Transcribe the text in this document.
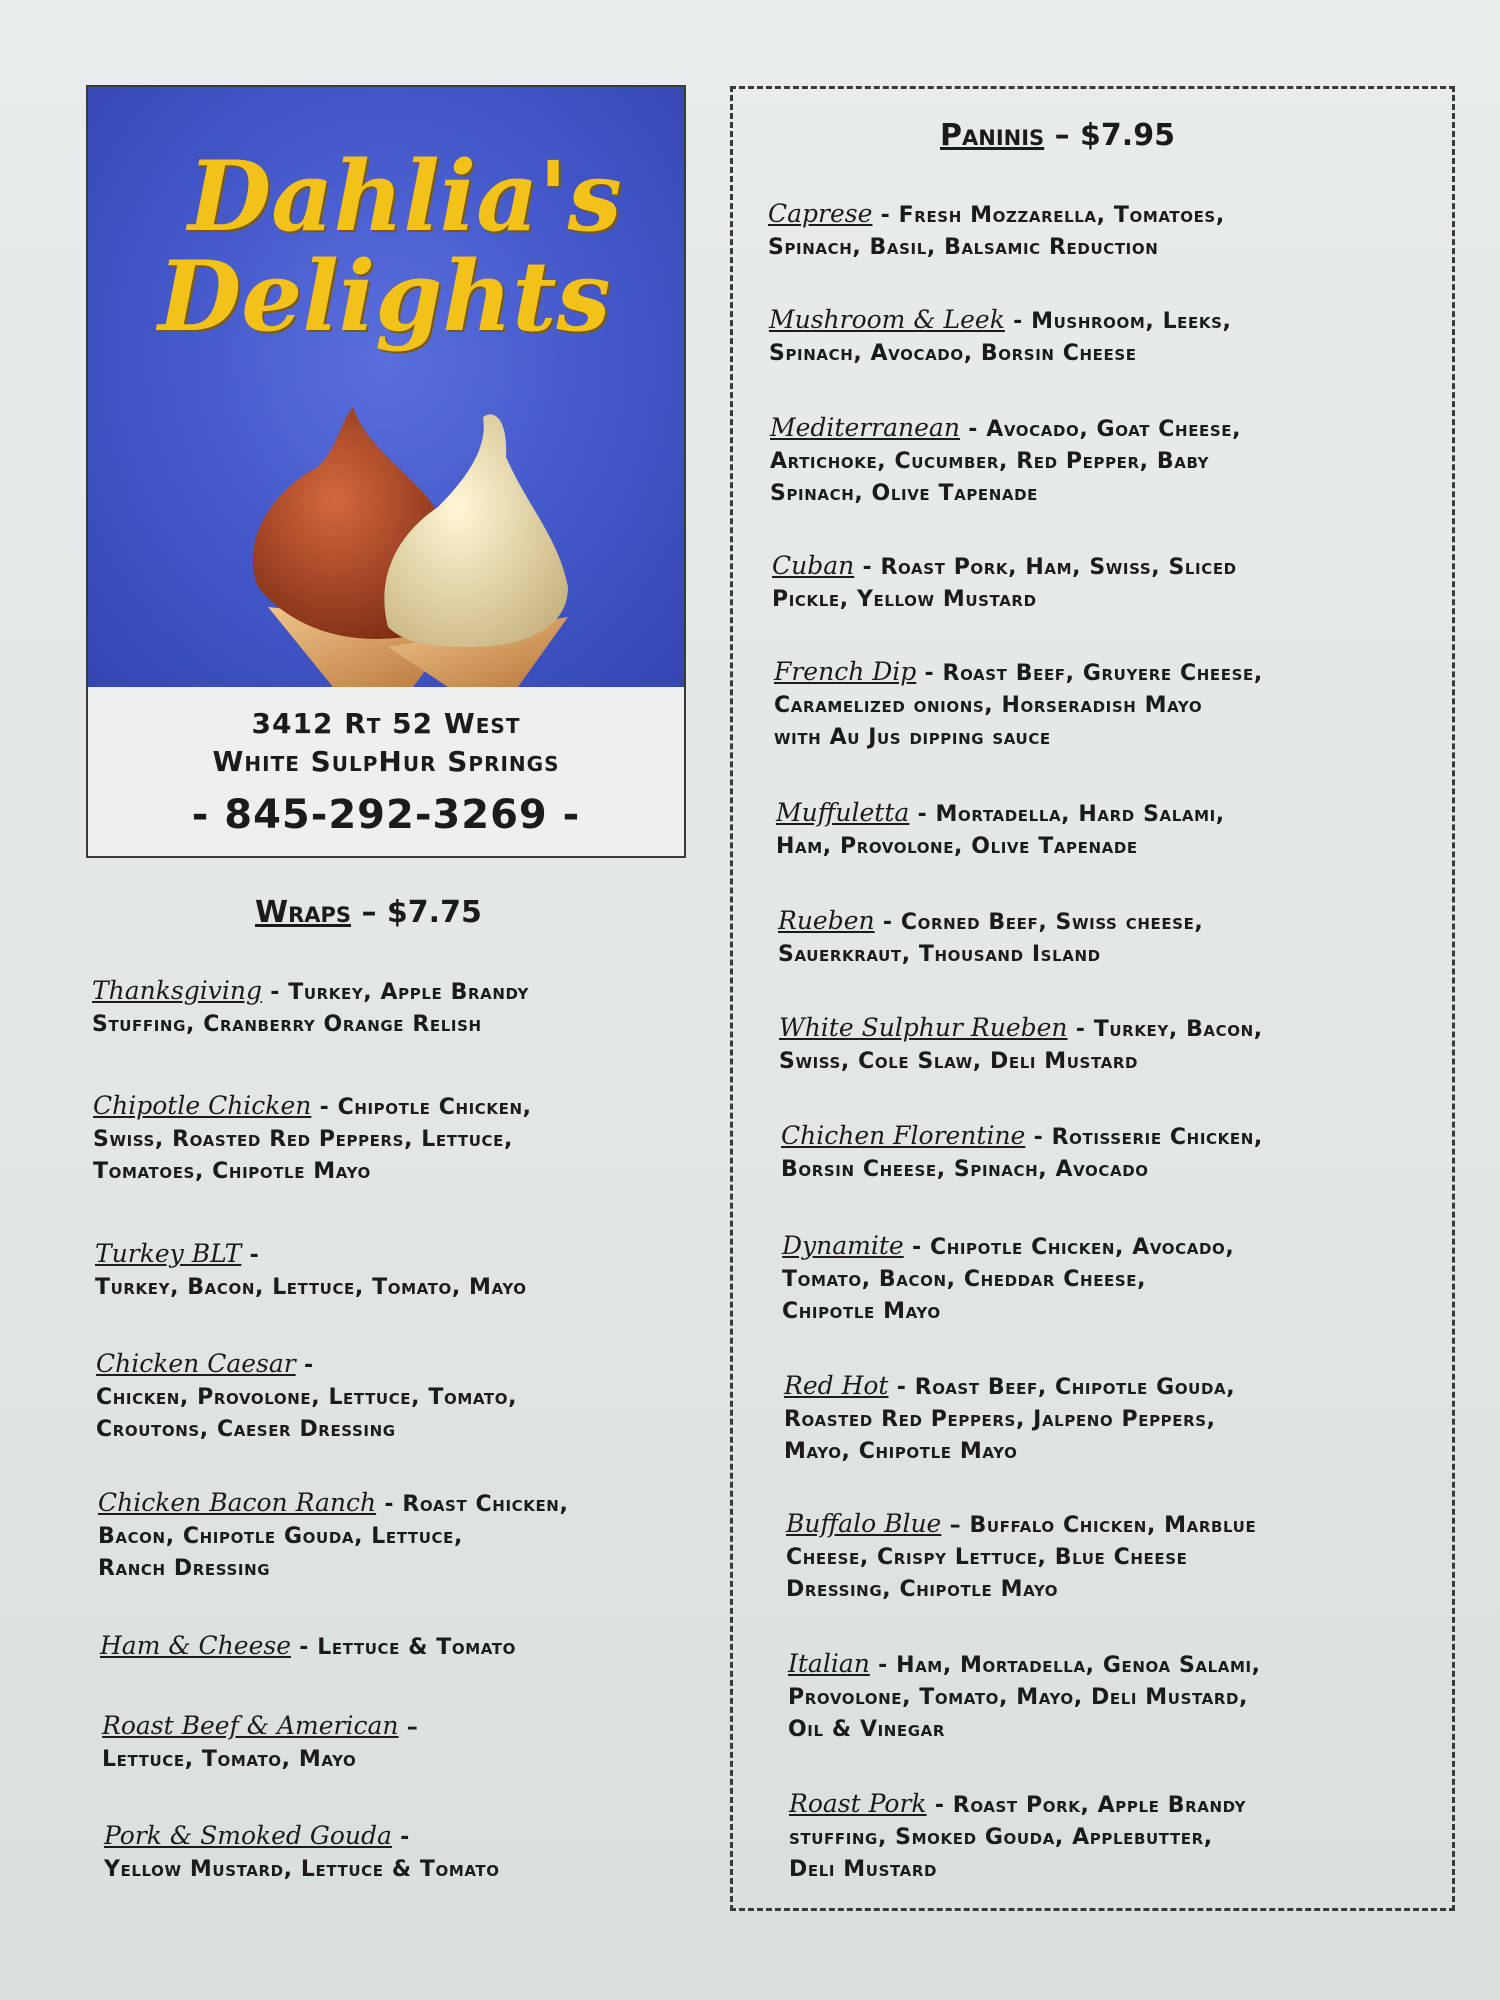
Dahlia's
Delights
3412 Rt 52 West
White SulpHur Springs
- 845-292-3269 -
Wraps – $7.75
Thanksgiving - Turkey, Apple Brandy
Stuffing, Cranberry Orange Relish
Chipotle Chicken - Chipotle Chicken,
Swiss, Roasted Red Peppers, Lettuce,
Tomatoes, Chipotle Mayo
Turkey BLT -
Turkey, Bacon, Lettuce, Tomato, Mayo
Chicken Caesar -
Chicken, Provolone, Lettuce, Tomato,
Croutons, Caeser Dressing
Chicken Bacon Ranch - Roast Chicken,
Bacon, Chipotle Gouda, Lettuce,
Ranch Dressing
Ham & Cheese - Lettuce & Tomato
Roast Beef & American –
Lettuce, Tomato, Mayo
Pork & Smoked Gouda -
Yellow Mustard, Lettuce & Tomato
Paninis – $7.95
Caprese - Fresh Mozzarella, Tomatoes,
Spinach, Basil, Balsamic Reduction
Mushroom & Leek - Mushroom, Leeks,
Spinach, Avocado, Borsin Cheese
Mediterranean - Avocado, Goat Cheese,
Artichoke, Cucumber, Red Pepper, Baby
Spinach, Olive Tapenade
Cuban - Roast Pork, Ham, Swiss, Sliced
Pickle, Yellow Mustard
French Dip - Roast Beef, Gruyere Cheese,
Caramelized onions, Horseradish Mayo
with Au Jus dipping sauce
Muffuletta - Mortadella, Hard Salami,
Ham, Provolone, Olive Tapenade
Rueben - Corned Beef, Swiss cheese,
Sauerkraut, Thousand Island
White Sulphur Rueben - Turkey, Bacon,
Swiss, Cole Slaw, Deli Mustard
Chichen Florentine - Rotisserie Chicken,
Borsin Cheese, Spinach, Avocado
Dynamite - Chipotle Chicken, Avocado,
Tomato, Bacon, Cheddar Cheese,
Chipotle Mayo
Red Hot - Roast Beef, Chipotle Gouda,
Roasted Red Peppers, Jalpeno Peppers,
Mayo, Chipotle Mayo
Buffalo Blue – Buffalo Chicken, Marblue
Cheese, Crispy Lettuce, Blue Cheese
Dressing, Chipotle Mayo
Italian - Ham, Mortadella, Genoa Salami,
Provolone, Tomato, Mayo, Deli Mustard,
Oil & Vinegar
Roast Pork - Roast Pork, Apple Brandy
stuffing, Smoked Gouda, Applebutter,
Deli Mustard
